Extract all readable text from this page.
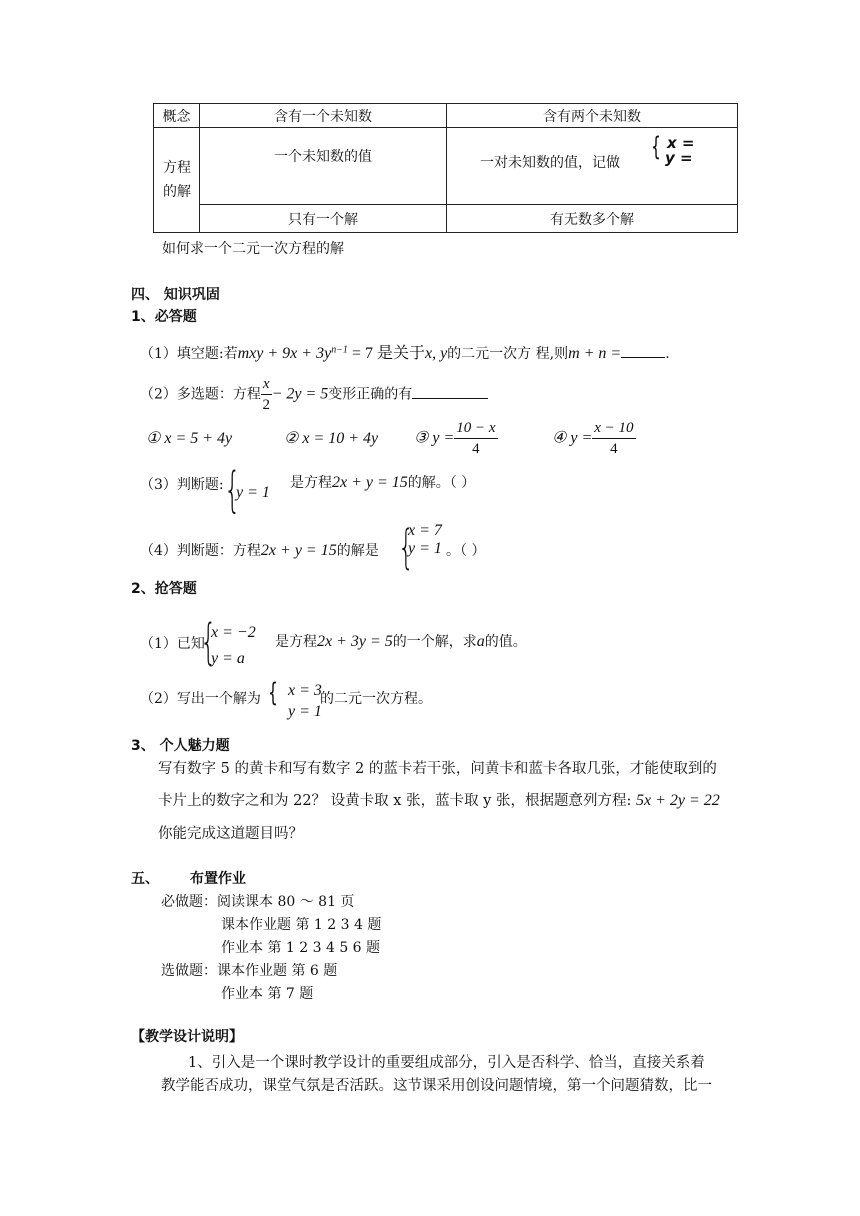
概念	含有一个未知数	含有两个未知数
方程的解	一个未知数的值	一对未知数的值，记做
{ x =
y =

	只有一个解	有无数多个解
如何求一个二元一次方程的解
四、 知识巩固
1、必答题
（1）填空题:若mxy + $9x + 3y^{n-1} = 7$ 是关于x, y的二元一次方 程,则m + n =	.
（2）多选题：方程 $\frac{x}{2} - 2y = 5$变形正确的有
① x = 5 + 4y	② x = 10 + 4y ③ $y = \frac{10 - x}{4}$	④ $y = \frac{x - 10}{4}$
（3）判断题: {
y = 1
是方程2x + y = 15的解。（ ）
（4）判断题：方程2x + y = 15的解是 {
x = 7
y = 1 。（ ）
2、抢答题
（1）已知
{
x = −2
y = a
是方程2x + 3y = 5的一个解，求a的值。
（2）写出一个解为 { x = 3
y = 1
的二元一次方程。
3、 个人魅力题
写有数字 5 的黄卡和写有数字 2 的蓝卡若干张，问黄卡和蓝卡各取几张，才能使取到的
卡片上的数字之和为 22？ 设黄卡取 x 张，蓝卡取 y 张，根据题意列方程: 5x + 2y = 22
你能完成这道题目吗？
五、 布置作业
必做题：阅读课本 80 ～ 81 页
课本作业题 第 1 2 3 4 题
作业本 第 1 2 3 4 5 6 题
选做题：课本作业题 第 6 题
作业本 第 7 题
【教学设计说明】
1、引入是一个课时教学设计的重要组成部分，引入是否科学、恰当，直接关系着
教学能否成功，课堂气氛是否活跃。这节课采用创设问题情境，第一个问题猜数，比一
